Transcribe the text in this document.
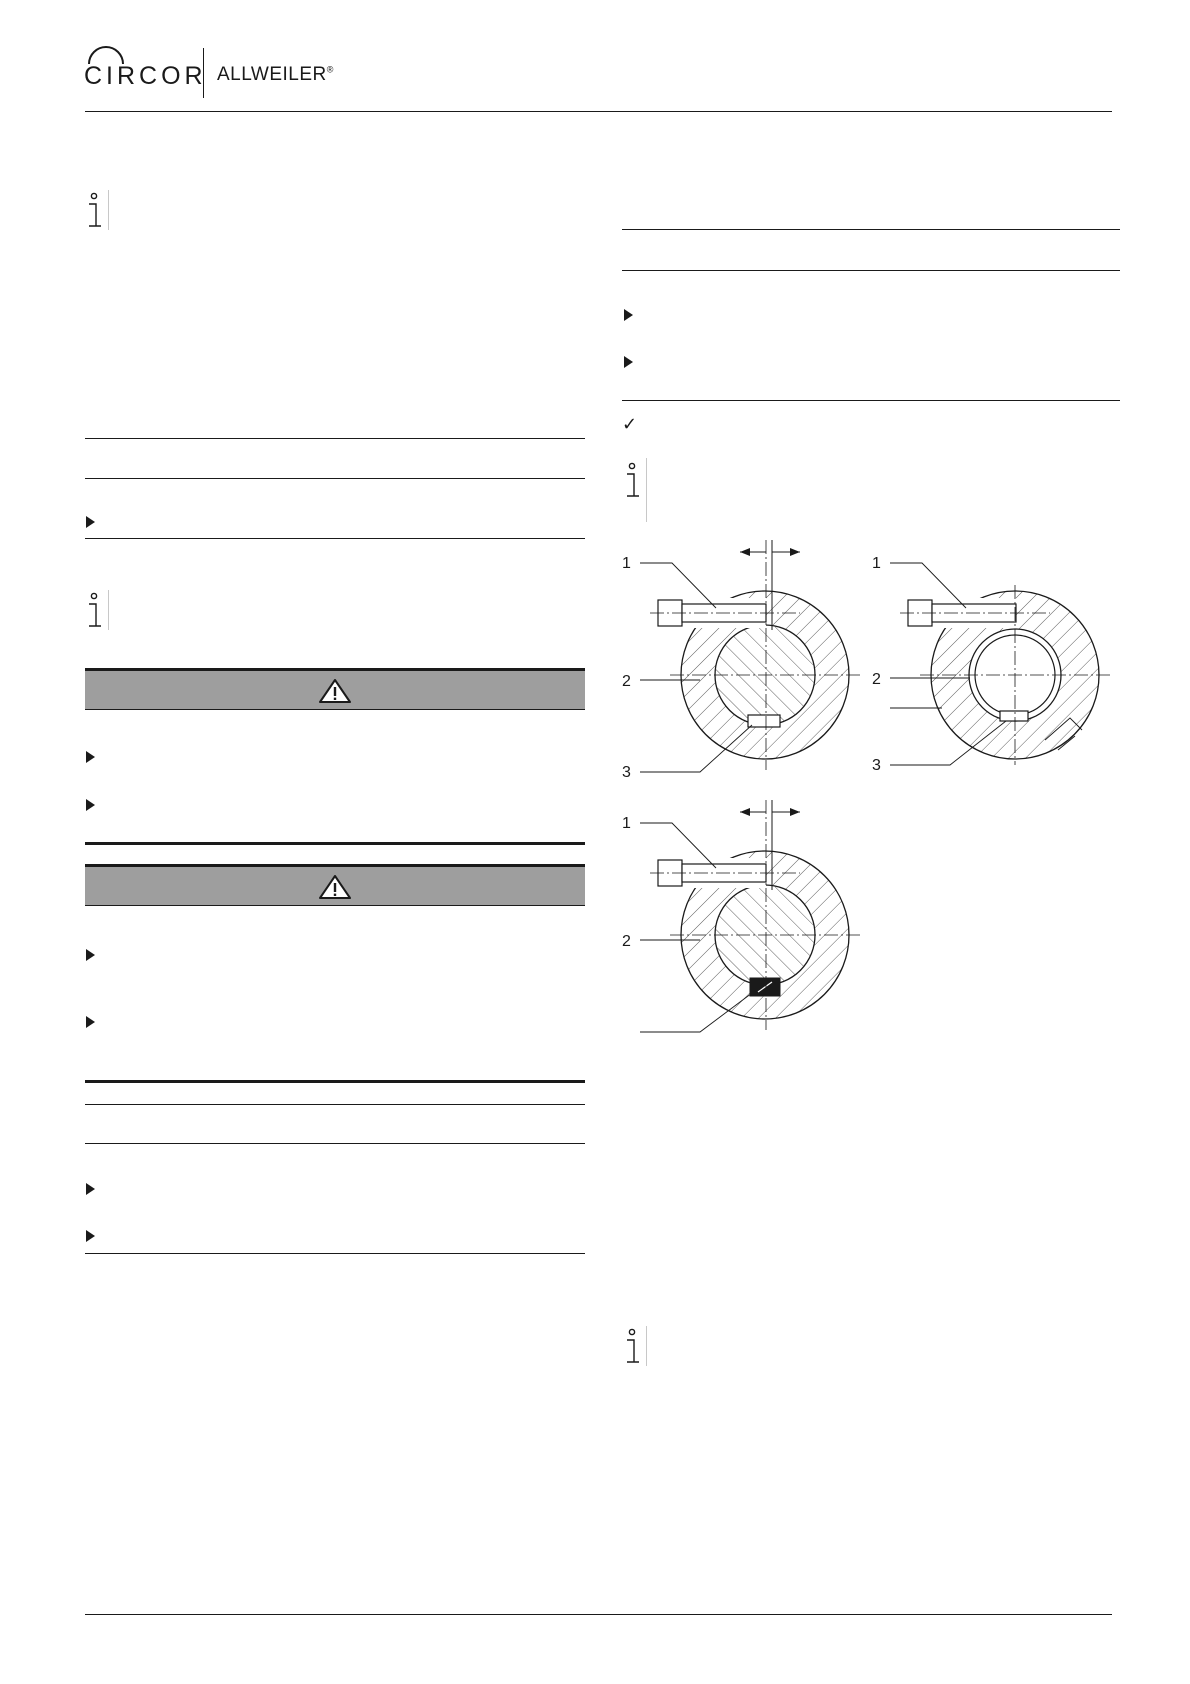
CIRCOR ALLWEILER®
✓
1
2
3
1
2
3
1
2
